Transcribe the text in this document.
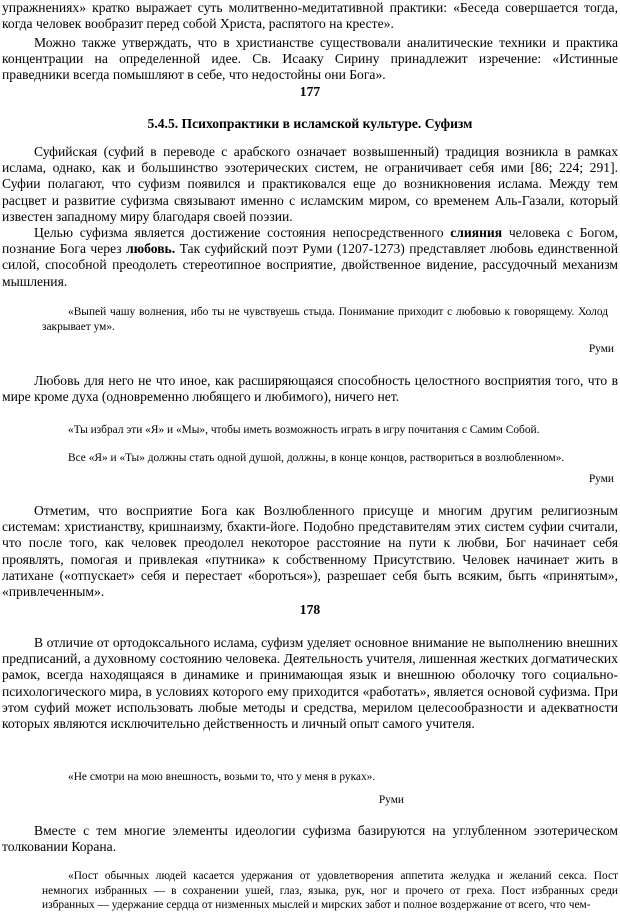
упражнениях» кратко выражает суть молитвенно-медитативной практики: «Беседа совершается тогда, когда человек вообразит перед собой Христа, распятого на кресте».
Можно также утверждать, что в христианстве существовали аналитические техники и практика концентрации на определенной идее. Св. Исааку Сирину принадлежит изречение: «Истинные праведники всегда помышляют в себе, что недостойны они Бога».
177
5.4.5. Психопрактики в исламской культуре. Суфизм
Суфийская (суфий в переводе с арабского означает возвышенный) традиция возникла в рамках ислама, однако, как и большинство эзотерических систем, не ограничивает себя ими [86; 224; 291]. Суфии полагают, что суфизм появился и практиковался еще до возникновения ислама. Между тем расцвет и развитие суфизма связывают именно с исламским миром, со временем Аль-Газали, который известен западному миру благодаря своей поэзии.
Целью суфизма является достижение состояния непосредственного слияния человека с Богом, познание Бога через любовь. Так суфийский поэт Руми (1207-1273) представляет любовь единственной силой, способной преодолеть стереотипное восприятие, двойственное видение, рассудочный механизм мышления.
«Выпей чашу волнения, ибо ты не чувствуешь стыда. Понимание приходит с любовью к говорящему. Холод закрывает ум».
Руми
Любовь для него не что иное, как расширяющаяся способность целостного восприятия того, что в мире кроме духа (одновременно любящего и любимого), ничего нет.
«Ты избрал эти «Я» и «Мы», чтобы иметь возможность играть в игру почитания с Самим Собой.
Все «Я» и «Ты» должны стать одной душой, должны, в конце концов, раствориться в возлюбленном».
Руми
Отметим, что восприятие Бога как Возлюбленного присуще и многим другим религиозным системам: христианству, кришнаизму, бхакти-йоге. Подобно представителям этих систем суфии считали, что после того, как человек преодолел некоторое расстояние на пути к любви, Бог начинает себя проявлять, помогая и привлекая «путника» к собственному Присутствию. Человек начинает жить в латихане («отпускает» себя и перестает «бороться»), разрешает себя быть всяким, быть «принятым», «привлеченным».
178
В отличие от ортодоксального ислама, суфизм уделяет основное внимание не выполнению внешних предписаний, а духовному состоянию человека. Деятельность учителя, лишенная жестких догматических рамок, всегда находящаяся в динамике и принимающая язык и внешнюю оболочку того социально-психологического мира, в условиях которого ему приходится «работать», является основой суфизма. При этом суфий может использовать любые методы и средства, мерилом целесообразности и адекватности которых являются исключительно действенность и личный опыт самого учителя.
«Не смотри на мою внешность, возьми то, что у меня в руках».
Руми
Вместе с тем многие элементы идеологии суфизма базируются на углубленном эзотерическом толковании Корана.
«Пост обычных людей касается удержания от удовлетворения аппетита желудка и желаний секса. Пост немногих избранных — в сохранении ушей, глаз, языка, рук, ног и прочего от греха. Пост избранных среди избранных — удержание сердца от низменных мыслей и мирских забот и полное воздержание от всего, что чем-
